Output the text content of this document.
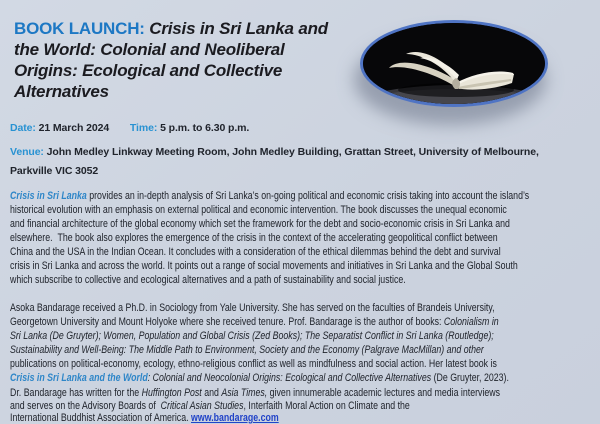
BOOK LAUNCH: Crisis in Sri Lanka and
the World: Colonial and Neoliberal
Origins: Ecological and Collective
Alternatives
Date: 21 March 2024 Time: 5 p.m. to 6.30 p.m.
Venue: John Medley Linkway Meeting Room, John Medley Building, Grattan Street, University of Melbourne,
Parkville VIC 3052
Crisis in Sri Lanka provides an in-depth analysis of Sri Lanka’s on-going political and economic crisis taking into account the island’s
historical evolution with an emphasis on external political and economic intervention. The book discusses the unequal economic
and financial architecture of the global economy which set the framework for the debt and socio-economic crisis in Sri Lanka and
elsewhere.  The book also explores the emergence of the crisis in the context of the accelerating geopolitical conflict between
China and the USA in the Indian Ocean. It concludes with a consideration of the ethical dilemmas behind the debt and survival
crisis in Sri Lanka and across the world. It points out a range of social movements and initiatives in Sri Lanka and the Global South
which subscribe to collective and ecological alternatives and a path of sustainability and social justice.
Asoka Bandarage received a Ph.D. in Sociology from Yale University. She has served on the faculties of Brandeis University,
Georgetown University and Mount Holyoke where she received tenure. Prof. Bandarage is the author of books: Colonialism in
Sri Lanka (De Gruyter); Women, Population and Global Crisis (Zed Books); The Separatist Conflict in Sri Lanka (Routledge);
Sustainability and Well-Being: The Middle Path to Environment, Society and the Economy (Palgrave MacMillan) and other
publications on political-economy, ecology, ethno-religious conflict as well as mindfulness and social action. Her latest book is
Crisis in Sri Lanka and the World: Colonial and Neocolonial Origins: Ecological and Collective Alternatives (De Gruyter, 2023).
Dr. Bandarage has written for the Huffington Post and Asia Times, given innumerable academic lectures and media interviews
and serves on the Advisory Boards of  Critical Asian Studies, Interfaith Moral Action on Climate and the
International Buddhist Association of America. www.bandarage.com
